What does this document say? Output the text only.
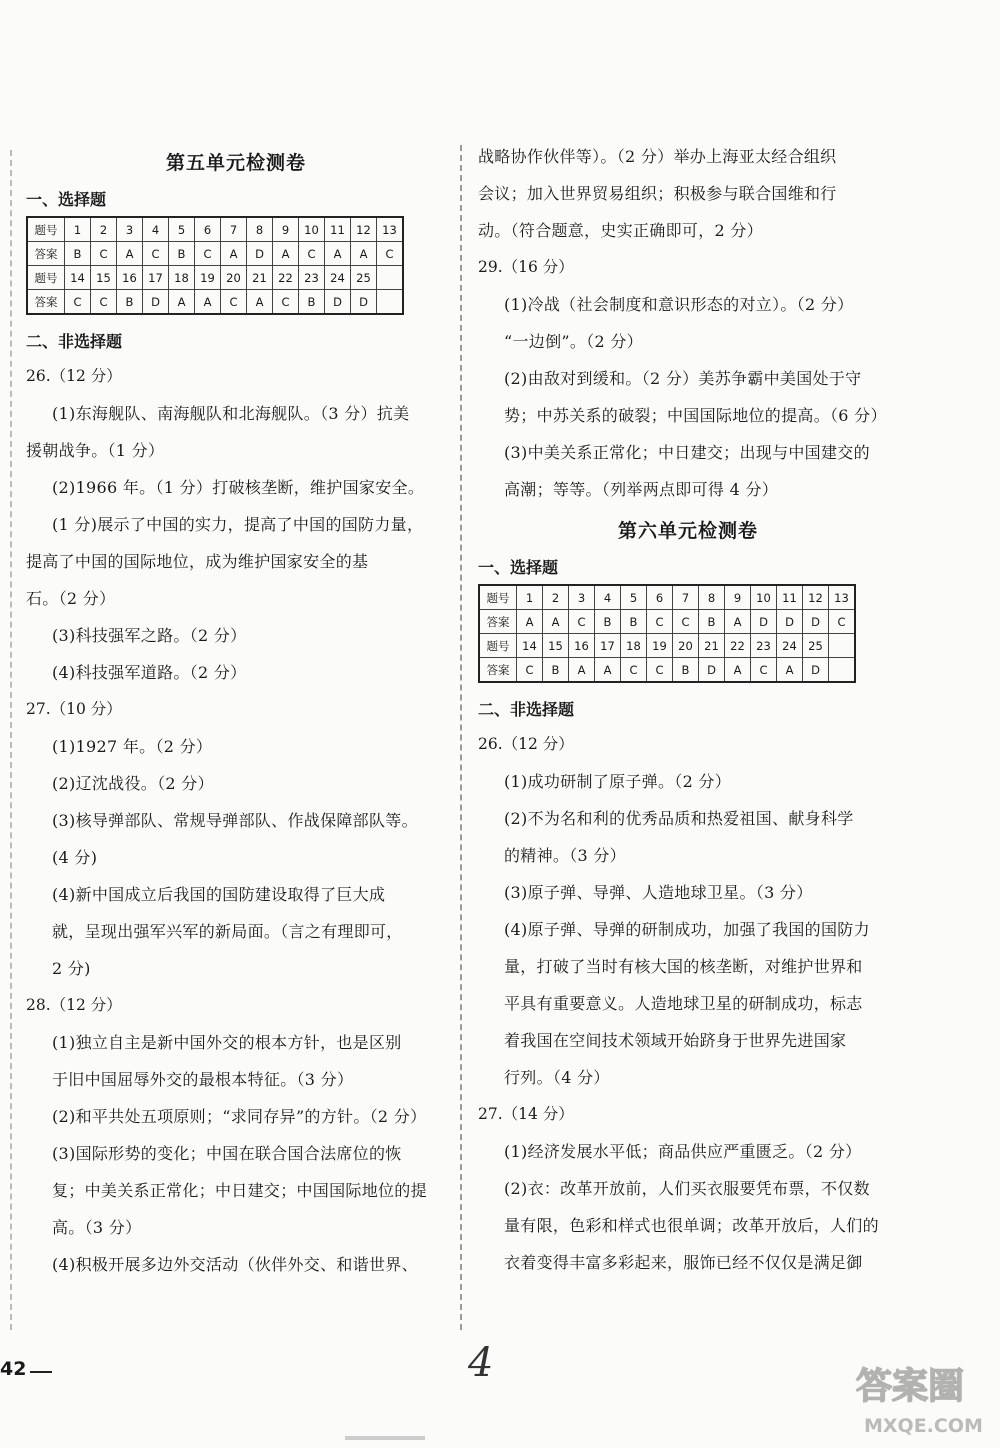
第五单元检测卷
一、选择题
题号	1	2	3	4	5	6	7	8	9	10	11	12	13
答案	B	C	A	C	B	C	A	D	A	C	A	A	C
题号	14	15	16	17	18	19	20	21	22	23	24	25	
答案	C	C	B	D	A	A	C	A	C	B	D	D	
二、非选择题
26.（12 分）
(1)东海舰队、南海舰队和北海舰队。（3 分）抗美
援朝战争。（1 分）
(2)1966 年。（1 分）打破核垄断，维护国家安全。
(1 分)展示了中国的实力，提高了中国的国防力量，
提高了中国的国际地位，成为维护国家安全的基
石。（2 分）
(3)科技强军之路。（2 分）
(4)科技强军道路。（2 分）
27.（10 分）
(1)1927 年。（2 分）
(2)辽沈战役。（2 分）
(3)核导弹部队、常规导弹部队、作战保障部队等。
(4 分)
(4)新中国成立后我国的国防建设取得了巨大成
就，呈现出强军兴军的新局面。（言之有理即可，
2 分)
28.（12 分）
(1)独立自主是新中国外交的根本方针，也是区别
于旧中国屈辱外交的最根本特征。（3 分）
(2)和平共处五项原则；“求同存异”的方针。（2 分）
(3)国际形势的变化；中国在联合国合法席位的恢
复；中美关系正常化；中日建交；中国国际地位的提
高。（3 分）
(4)积极开展多边外交活动（伙伴外交、和谐世界、
战略协作伙伴等）。（2 分）举办上海亚太经合组织
会议；加入世界贸易组织；积极参与联合国维和行
动。（符合题意，史实正确即可，2 分）
29.（16 分）
(1)冷战（社会制度和意识形态的对立）。（2 分）
“一边倒”。（2 分）
(2)由敌对到缓和。（2 分）美苏争霸中美国处于守
势；中苏关系的破裂；中国国际地位的提高。（6 分）
(3)中美关系正常化；中日建交；出现与中国建交的
高潮；等等。（列举两点即可得 4 分）
第六单元检测卷
一、选择题
题号	1	2	3	4	5	6	7	8	9	10	11	12	13
答案	A	A	C	B	B	C	C	B	A	D	D	D	C
题号	14	15	16	17	18	19	20	21	22	23	24	25	
答案	C	B	A	A	C	C	B	D	A	C	A	D	
二、非选择题
26.（12 分）
(1)成功研制了原子弹。（2 分）
(2)不为名和利的优秀品质和热爱祖国、献身科学
的精神。（3 分）
(3)原子弹、导弹、人造地球卫星。（3 分）
(4)原子弹、导弹的研制成功，加强了我国的国防力
量，打破了当时有核大国的核垄断，对维护世界和
平具有重要意义。人造地球卫星的研制成功，标志
着我国在空间技术领域开始跻身于世界先进国家
行列。（4 分）
27.（14 分）
(1)经济发展水平低；商品供应严重匮乏。（2 分）
(2)衣：改革开放前，人们买衣服要凭布票，不仅数
量有限，色彩和样式也很单调；改革开放后，人们的
衣着变得丰富多彩起来，服饰已经不仅仅是满足御
42	4
答案圈
MXQE.COM
